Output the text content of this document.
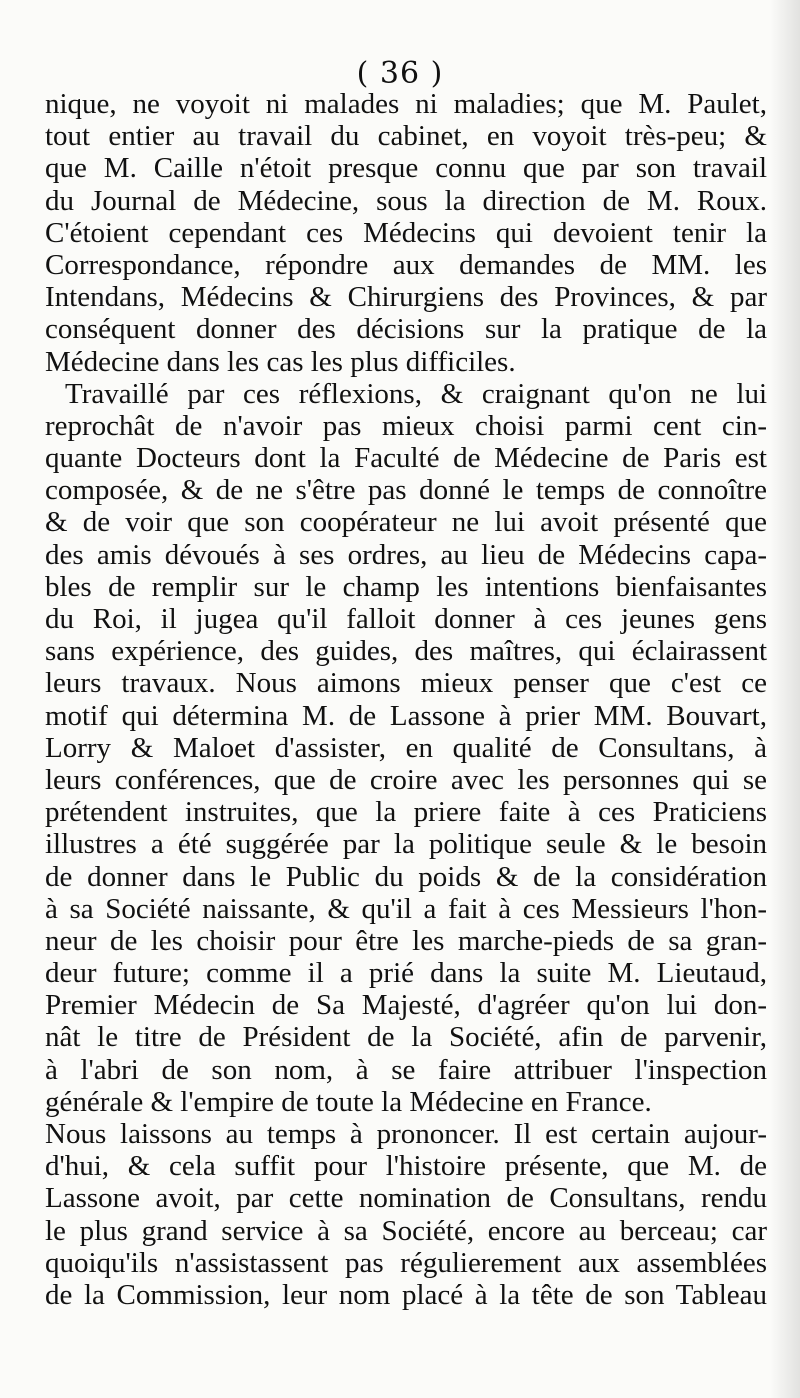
( 36 )
nique, ne voyoit ni malades ni maladies; que M. Paulet,
tout entier au travail du cabinet, en voyoit très-peu; &
que M. Caille n'étoit presque connu que par son travail
du Journal de Médecine, sous la direction de M. Roux.
C'étoient cependant ces Médecins qui devoient tenir la
Correspondance, répondre aux demandes de MM. les
Intendans, Médecins & Chirurgiens des Provinces, & par
conséquent donner des décisions sur la pratique de la
Médecine dans les cas les plus difficiles.
Travaillé par ces réflexions, & craignant qu'on ne lui
reprochât de n'avoir pas mieux choisi parmi cent cin-
quante Docteurs dont la Faculté de Médecine de Paris est
composée, & de ne s'être pas donné le temps de connoître
& de voir que son coopérateur ne lui avoit présenté que
des amis dévoués à ses ordres, au lieu de Médecins capa-
bles de remplir sur le champ les intentions bienfaisantes
du Roi, il jugea qu'il falloit donner à ces jeunes gens
sans expérience, des guides, des maîtres, qui éclairassent
leurs travaux. Nous aimons mieux penser que c'est ce
motif qui détermina M. de Lassone à prier MM. Bouvart,
Lorry & Maloet d'assister, en qualité de Consultans, à
leurs conférences, que de croire avec les personnes qui se
prétendent instruites, que la priere faite à ces Praticiens
illustres a été suggérée par la politique seule & le besoin
de donner dans le Public du poids & de la considération
à sa Société naissante, & qu'il a fait à ces Messieurs l'hon-
neur de les choisir pour être les marche-pieds de sa gran-
deur future; comme il a prié dans la suite M. Lieutaud,
Premier Médecin de Sa Majesté, d'agréer qu'on lui don-
nât le titre de Président de la Société, afin de parvenir,
à l'abri de son nom, à se faire attribuer l'inspection
générale & l'empire de toute la Médecine en France.
Nous laissons au temps à prononcer. Il est certain aujour-
d'hui, & cela suffit pour l'histoire présente, que M. de
Lassone avoit, par cette nomination de Consultans, rendu
le plus grand service à sa Société, encore au berceau; car
quoiqu'ils n'assistassent pas régulierement aux assemblées
de la Commission, leur nom placé à la tête de son Tableau
